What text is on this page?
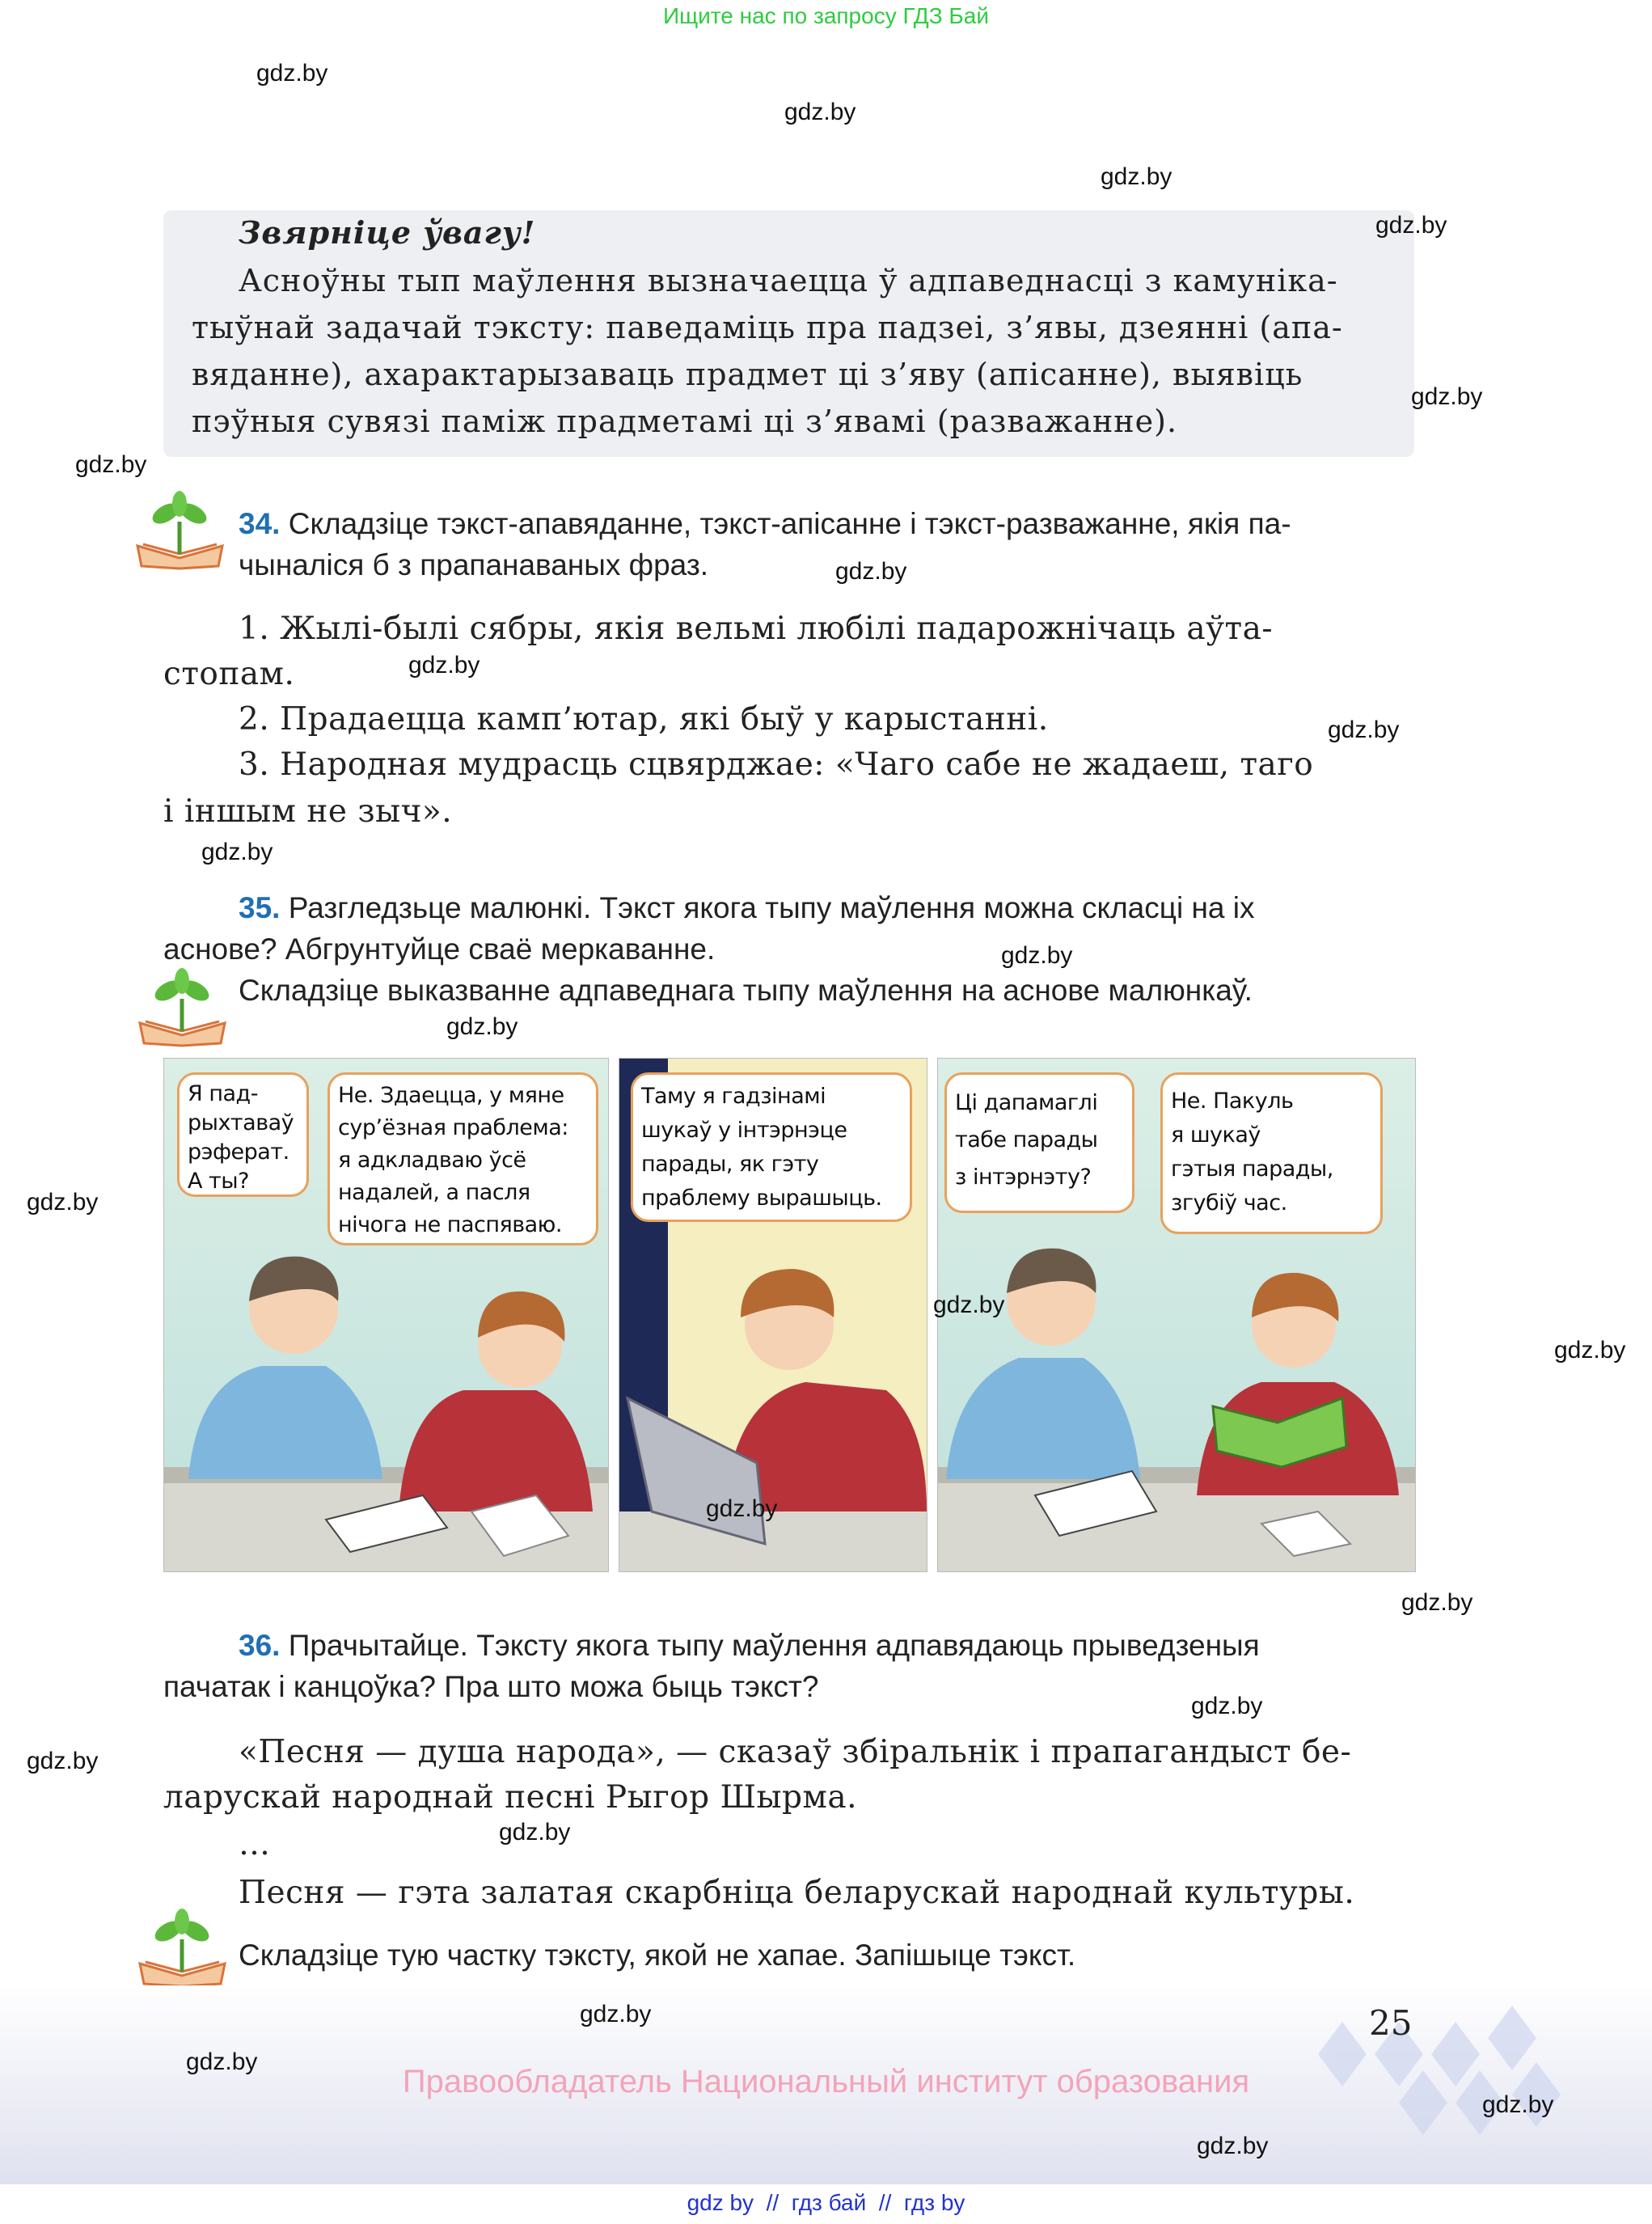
Ищите нас по запросу ГДЗ Бай
Звярніце ўвагу!
Асноўны тып маўлення вызначаецца ў адпаведнасці з камуніка-
тыўнай задачай тэксту: паведаміць пра падзеі, з’явы, дзеянні (апа-
вяданне), ахарактарызаваць прадмет ці з’яву (апісанне), выявіць
пэўныя сувязі паміж прадметамі ці з’явамі (разважанне).
34. Складзіце тэкст-апавяданне, тэкст-апісанне і тэкст-разважанне, якія па-
чыналіся б з прапанаваных фраз.
1. Жылі-былі сябры, якія вельмі любілі падарожнічаць аўта-
стопам.
2. Прадаецца камп’ютар, які быў у карыстанні.
3. Народная мудрасць сцвярджае: «Чаго сабе не жадаеш, таго
і іншым не зыч».
35. Разгледзьце малюнкі. Тэкст якога тыпу маўлення можна скласці на іх
аснове? Абгрунтуйце сваё меркаванне.
Складзіце выказванне адпаведнага тыпу маўлення на аснове малюнкаў.
Я пад-
рыхтаваў
рэферат.
А ты?
Не. Здаецца, у мяне
сур’ёзная праблема:
я адкладваю ўсё
надалей, а пасля
нічога не паспяваю.
Таму я гадзінамі
шукаў у інтэрнэце
парады, як гэту
праблему вырашыць.
Ці дапамаглі
табе парады
з інтэрнэту?
Не. Пакуль
я шукаў
гэтыя парады,
згубіў час.
36. Прачытайце. Тэксту якога тыпу маўлення адпавядаюць прыведзеныя
пачатак і канцоўка? Пра што можа быць тэкст?
«Песня — душа народа», — сказаў збіральнік і прапагандыст бе-
ларускай народнай песні Рыгор Шырма.
…
Песня — гэта залатая скарбніца беларускай народнай культуры.
Складзіце тую частку тэксту, якой не хапае. Запішыце тэкст.
25
Правообладатель Национальный институт образования
gdz by  //  гдз бай  //  гдз by
gdz.by
gdz.by
gdz.by
gdz.by
gdz.by
gdz.by
gdz.by
gdz.by
gdz.by
gdz.by
gdz.by
gdz.by
gdz.by
gdz.by
gdz.by
gdz.by
gdz.by
gdz.by
gdz.by
gdz.by
gdz.by
gdz.by
gdz.by
gdz.by
